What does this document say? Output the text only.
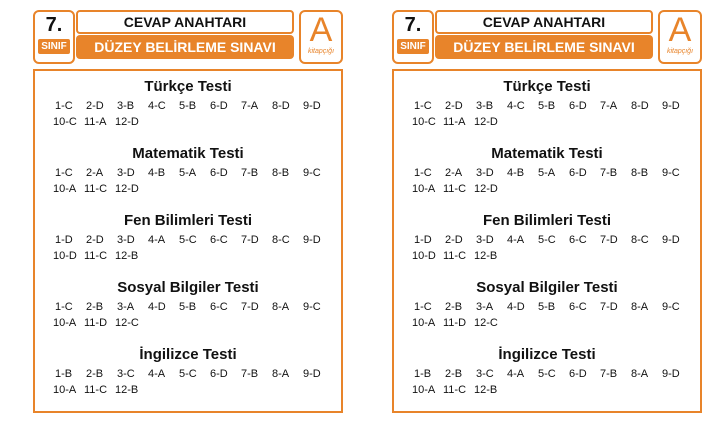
7.
SINIF
CEVAP ANAHTARI
DÜZEY BELİRLEME SINAVI A
kitapçığı
Türkçe Testi
1-C 2-D 3-B 4-C 5-B 6-D 7-A 8-D 9-D
10-C 11-A 12-D
Matematik Testi
1-C 2-A 3-D 4-B 5-A 6-D 7-B 8-B 9-C
10-A 11-C 12-D
Fen Bilimleri Testi
1-D 2-D 3-D 4-A 5-C 6-C 7-D 8-C 9-D
10-D 11-C 12-B
Sosyal Bilgiler Testi
1-C 2-B 3-A 4-D 5-B 6-C 7-D 8-A 9-C
10-A 11-D 12-C
İngilizce Testi
1-B 2-B 3-C 4-A 5-C 6-D 7-B 8-A 9-D
10-A 11-C 12-B
7.
SINIF
CEVAP ANAHTARI
DÜZEY BELİRLEME SINAVI A
kitapçığı
Türkçe Testi
1-C 2-D 3-B 4-C 5-B 6-D 7-A 8-D 9-D
10-C 11-A 12-D
Matematik Testi
1-C 2-A 3-D 4-B 5-A 6-D 7-B 8-B 9-C
10-A 11-C 12-D
Fen Bilimleri Testi
1-D 2-D 3-D 4-A 5-C 6-C 7-D 8-C 9-D
10-D 11-C 12-B
Sosyal Bilgiler Testi
1-C 2-B 3-A 4-D 5-B 6-C 7-D 8-A 9-C
10-A 11-D 12-C
İngilizce Testi
1-B 2-B 3-C 4-A 5-C 6-D 7-B 8-A 9-D
10-A 11-C 12-B
